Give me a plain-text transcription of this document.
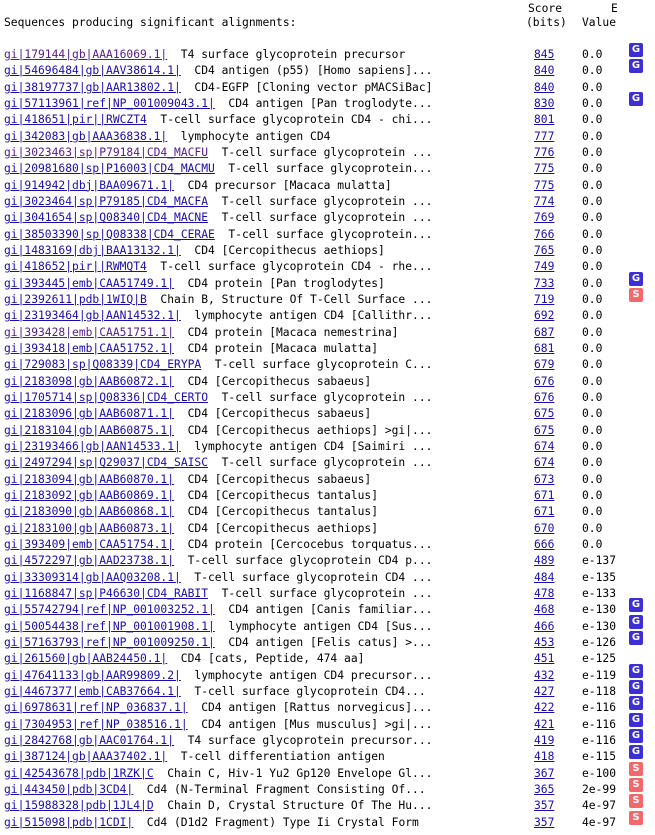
Sequences producing significant alignments:
Score
(bits)
E
Value
gi|179144|gb|AAA16069.1| T4 surface glycoprotein precursor	845 0.0	G
gi|54696484|gb|AAV38614.1| CD4 antigen (p55) [Homo sapiens]...	840 0.0	G
gi|38197737|gb|AAR13802.1| CD4-EGFP [Cloning vector pMACSiBac]	840 0.0
gi|57113961|ref|NP_001009043.1| CD4 antigen [Pan troglodyte...	830 0.0	G
gi|418651|pir||RWCZT4 T-cell surface glycoprotein CD4 - chi...	801 0.0
gi|342083|gb|AAA36838.1| lymphocyte antigen CD4	777 0.0
gi|3023463|sp|P79184|CD4_MACFU T-cell surface glycoprotein ...	776 0.0
gi|20981680|sp|P16003|CD4_MACMU T-cell surface glycoprotein...	775 0.0
gi|914942|dbj|BAA09671.1| CD4 precursor [Macaca mulatta]	775 0.0
gi|3023464|sp|P79185|CD4_MACFA T-cell surface glycoprotein ...	774 0.0
gi|3041654|sp|Q08340|CD4_MACNE T-cell surface glycoprotein ...	769 0.0
gi|38503390|sp|Q08338|CD4_CERAE T-cell surface glycoprotein...	766 0.0
gi|1483169|dbj|BAA13132.1| CD4 [Cercopithecus aethiops]	765 0.0
gi|418652|pir||RWMQT4 T-cell surface glycoprotein CD4 - rhe...	749 0.0
gi|393445|emb|CAA51749.1| CD4 protein [Pan troglodytes]	733 0.0	G
gi|2392611|pdb|1WIQ|B Chain B, Structure Of T-Cell Surface ...	719 0.0	S
gi|23193464|gb|AAN14532.1| lymphocyte antigen CD4 [Callithr...	692 0.0
gi|393428|emb|CAA51751.1| CD4 protein [Macaca nemestrina]	687 0.0
gi|393418|emb|CAA51752.1| CD4 protein [Macaca mulatta]	681 0.0
gi|729083|sp|Q08339|CD4_ERYPA T-cell surface glycoprotein C...	679 0.0
gi|2183098|gb|AAB60872.1| CD4 [Cercopithecus sabaeus]	676 0.0
gi|1705714|sp|Q08336|CD4_CERTO T-cell surface glycoprotein ...	676 0.0
gi|2183096|gb|AAB60871.1| CD4 [Cercopithecus sabaeus]	675 0.0
gi|2183104|gb|AAB60875.1| CD4 [Cercopithecus aethiops] >gi|...	675 0.0
gi|23193466|gb|AAN14533.1| lymphocyte antigen CD4 [Saimiri ...	674 0.0
gi|2497294|sp|Q29037|CD4_SAISC T-cell surface glycoprotein ...	674 0.0
gi|2183094|gb|AAB60870.1| CD4 [Cercopithecus sabaeus]	673 0.0
gi|2183092|gb|AAB60869.1| CD4 [Cercopithecus tantalus]	671 0.0
gi|2183090|gb|AAB60868.1| CD4 [Cercopithecus tantalus]	671 0.0
gi|2183100|gb|AAB60873.1| CD4 [Cercopithecus aethiops]	670 0.0
gi|393409|emb|CAA51754.1| CD4 protein [Cercocebus torquatus...	666 0.0
gi|4572297|gb|AAD23738.1| T-cell surface glycoprotein CD4 p...	489 e-137
gi|33309314|gb|AAQ03208.1| T-cell surface glycoprotein CD4 ...	484 e-135
gi|1168847|sp|P46630|CD4_RABIT T-cell surface glycoprotein ...	478 e-133
gi|55742794|ref|NP_001003252.1| CD4 antigen [Canis familiar...	468 e-130 G
gi|50054438|ref|NP_001001908.1| lymphocyte antigen CD4 [Sus...	466 e-130 G
gi|57163793|ref|NP_001009250.1| CD4 antigen [Felis catus] >...	453 e-126 G
gi|261560|gb|AAB24450.1| CD4 [cats, Peptide, 474 aa]	451 e-125
gi|47641133|gb|AAR99809.2| lymphocyte antigen CD4 precursor...	432 e-119 G
gi|4467377|emb|CAB37664.1| T-cell surface glycoprotein CD4...	427 e-118 G
gi|6978631|ref|NP_036837.1| CD4 antigen [Rattus norvegicus]...	422 e-116 G
gi|7304953|ref|NP_038516.1| CD4 antigen [Mus musculus] >gi|...	421 e-116 G
gi|2842768|gb|AAC01764.1| T4 surface glycoprotein precursor...	419 e-116 G
gi|387124|gb|AAA37402.1| T-cell differentiation antigen	418 e-115 G
gi|42543678|pdb|1RZK|C Chain C, Hiv-1 Yu2 Gp120 Envelope Gl...	367 e-100	S
gi|443450|pdb|3CD4| Cd4 (N-Terminal Fragment Consisting Of...	365 2e-99	S
gi|15988328|pdb|1JL4|D Chain D, Crystal Structure Of The Hu...	357 4e-97	S
gi|515098|pdb|1CDI| Cd4 (D1d2 Fragment) Type Ii Crystal Form	357 4e-97	S
